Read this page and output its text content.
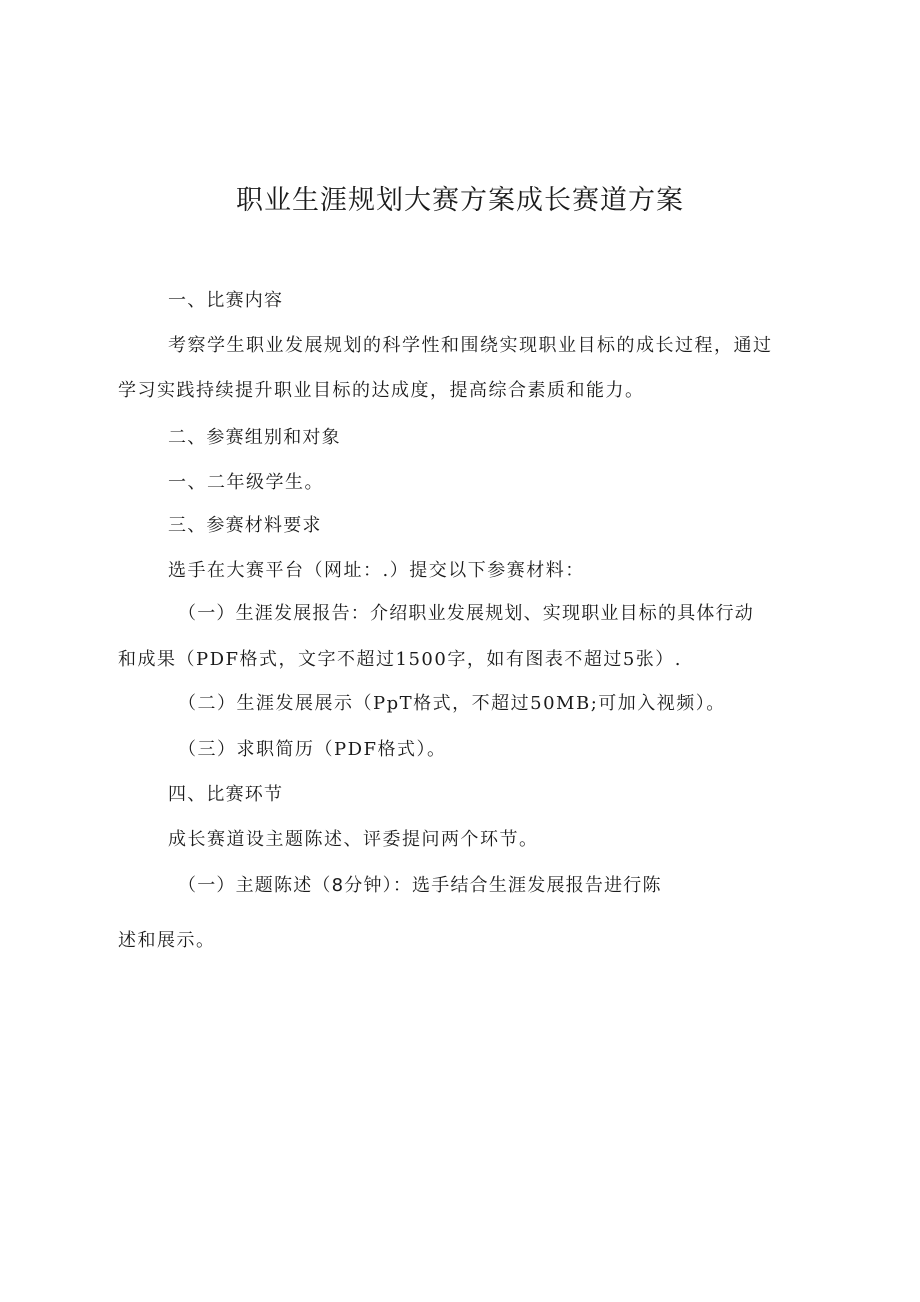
职业生涯规划大赛方案成长赛道方案
一、比赛内容
考察学生职业发展规划的科学性和围绕实现职业目标的成长过程，通过
学习实践持续提升职业目标的达成度，提高综合素质和能力。
二、参赛组别和对象
一、二年级学生。
三、参赛材料要求
选手在大赛平台（网址：.）提交以下参赛材料：
（一）生涯发展报告：介绍职业发展规划、实现职业目标的具体行动
和成果（PDF格式，文字不超过1500字，如有图表不超过5张）.
（二）生涯发展展示（PpT格式，不超过50MB;可加入视频）。
（三）求职简历（PDF格式）。
四、比赛环节
成长赛道设主题陈述、评委提问两个环节。
（一）主题陈述（8分钟）：选手结合生涯发展报告进行陈
述和展示。
